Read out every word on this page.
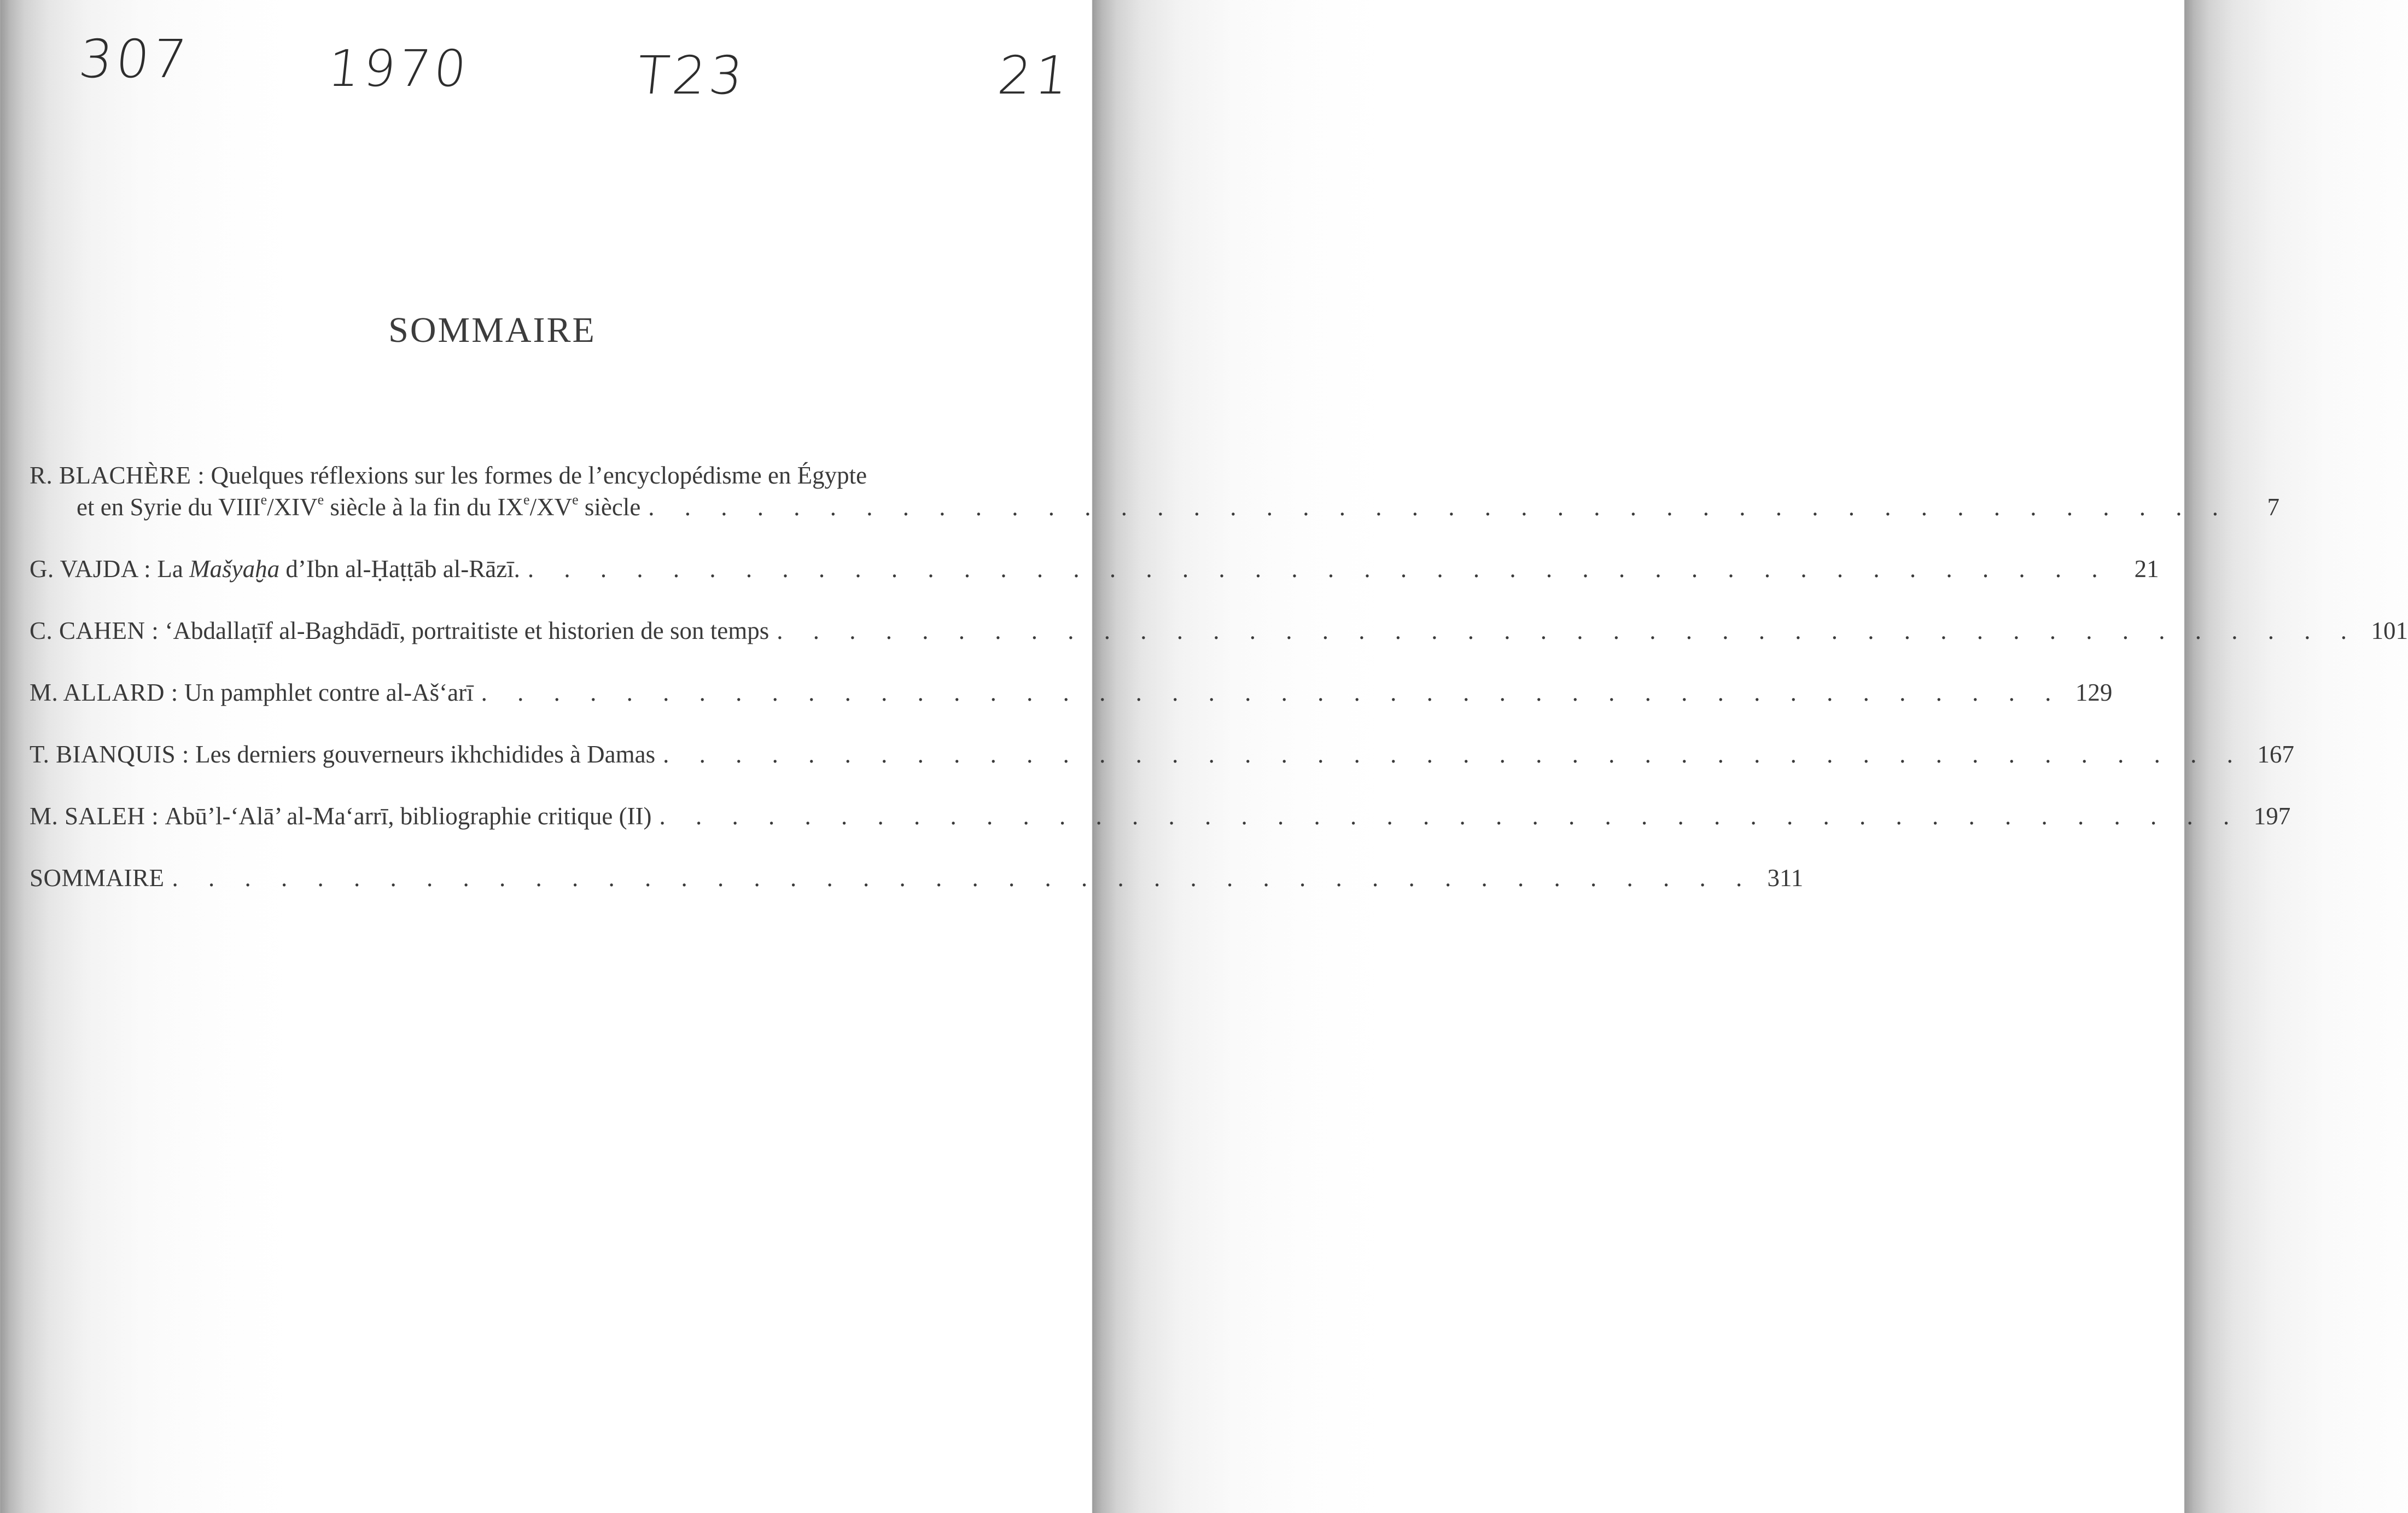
307	1970	T23	21
SOMMAIRE
R. BLACHÈRE :
Quelques réflexions sur les formes de l’encyclopédisme en Égypte
et en Syrie du VIIIe/XIVe siècle à la fin du IXe/XVe siècle . . . . . . . . . . . . . . . . . . . . . . . . . . . . . . . . . . . . . . . . . . . .	7
G. VAJDA :
La Mašyaḫa d’Ibn al-Ḥaṭṭāb al-Rāzī. . . . . . . . . . . . . . . . . . . . . . . . . . . . . . . . . . . . . . . . . . . . .	21
C. CAHEN :
‘Abdallaṭīf al-Baghdādī, portraitiste et historien de son temps . . . . . . . . . . . . . . . . . . . . . . . . . . . . . . . . . . . . . . . . . . . . 101
M. ALLARD :
Un pamphlet contre al-Aš‘arī . . . . . . . . . . . . . . . . . . . . . . . . . . . . . . . . . . . . . . . . . . . . 129
T. BIANQUIS :
Les derniers gouverneurs ikhchidides à Damas . . . . . . . . . . . . . . . . . . . . . . . . . . . . . . . . . . . . . . . . . . . . 167
M. SALEH :
Abū’l-‘Alā’ al-Ma‘arrī, bibliographie critique (II) . . . . . . . . . . . . . . . . . . . . . . . . . . . . . . . . . . . . . . . . . . . . 197
SOMMAIRE . . . . . . . . . . . . . . . . . . . . . . . . . . . . . . . . . . . . . . . . . . . . 311
